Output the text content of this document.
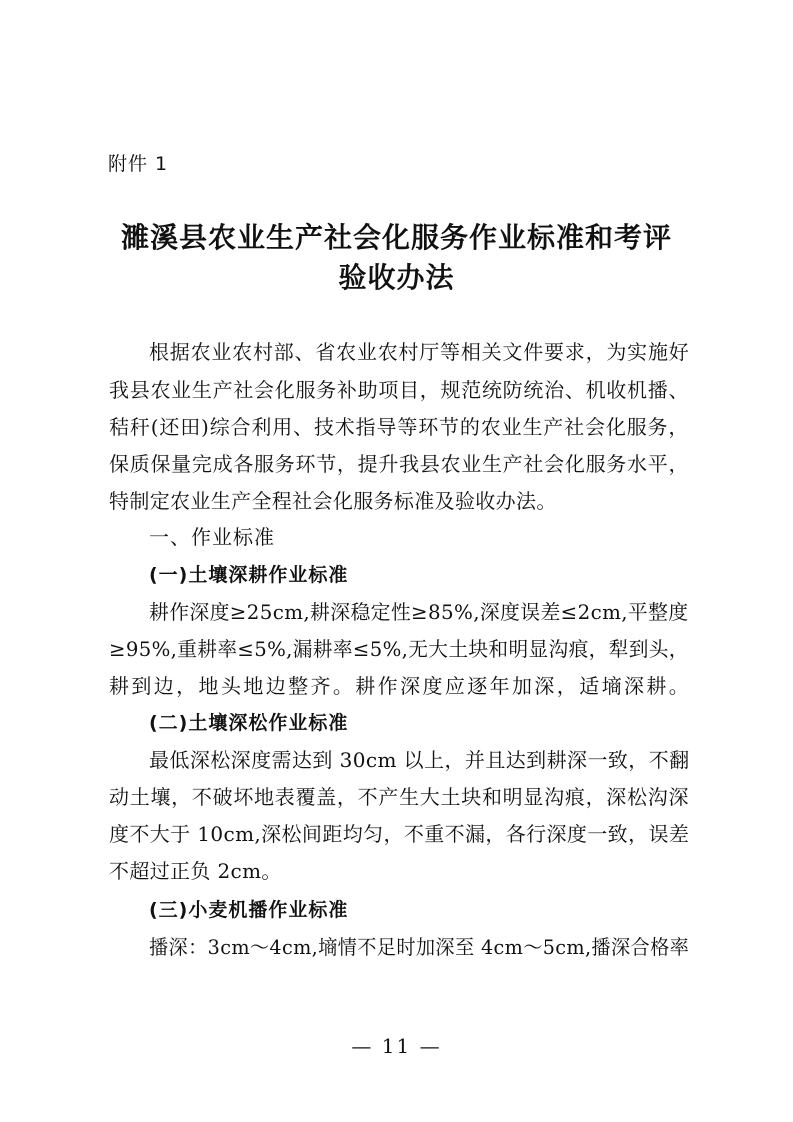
附件 1
濉溪县农业生产社会化服务作业标准和考评
验收办法
根据农业农村部、省农业农村厅等相关文件要求，为实施好
我县农业生产社会化服务补助项目，规范统防统治、机收机播、
秸秆(还田)综合利用、技术指导等环节的农业生产社会化服务，
保质保量完成各服务环节，提升我县农业生产社会化服务水平，
特制定农业生产全程社会化服务标准及验收办法。
一、作业标准
(一)土壤深耕作业标准
耕作深度≥25cm,耕深稳定性≥85%,深度误差≤2cm,平整度
≥95%,重耕率≤5%,漏耕率≤5%,无大土块和明显沟痕，犁到头，
耕到边，地头地边整齐。耕作深度应逐年加深，适墒深耕。
(二)土壤深松作业标准
最低深松深度需达到 30cm 以上，并且达到耕深一致，不翻
动土壤，不破坏地表覆盖，不产生大土块和明显沟痕，深松沟深
度不大于 10cm,深松间距均匀，不重不漏，各行深度一致，误差
不超过正负 2cm。
(三)小麦机播作业标准
播深：3cm～4cm,墒情不足时加深至 4cm～5cm,播深合格率
— 11 —
